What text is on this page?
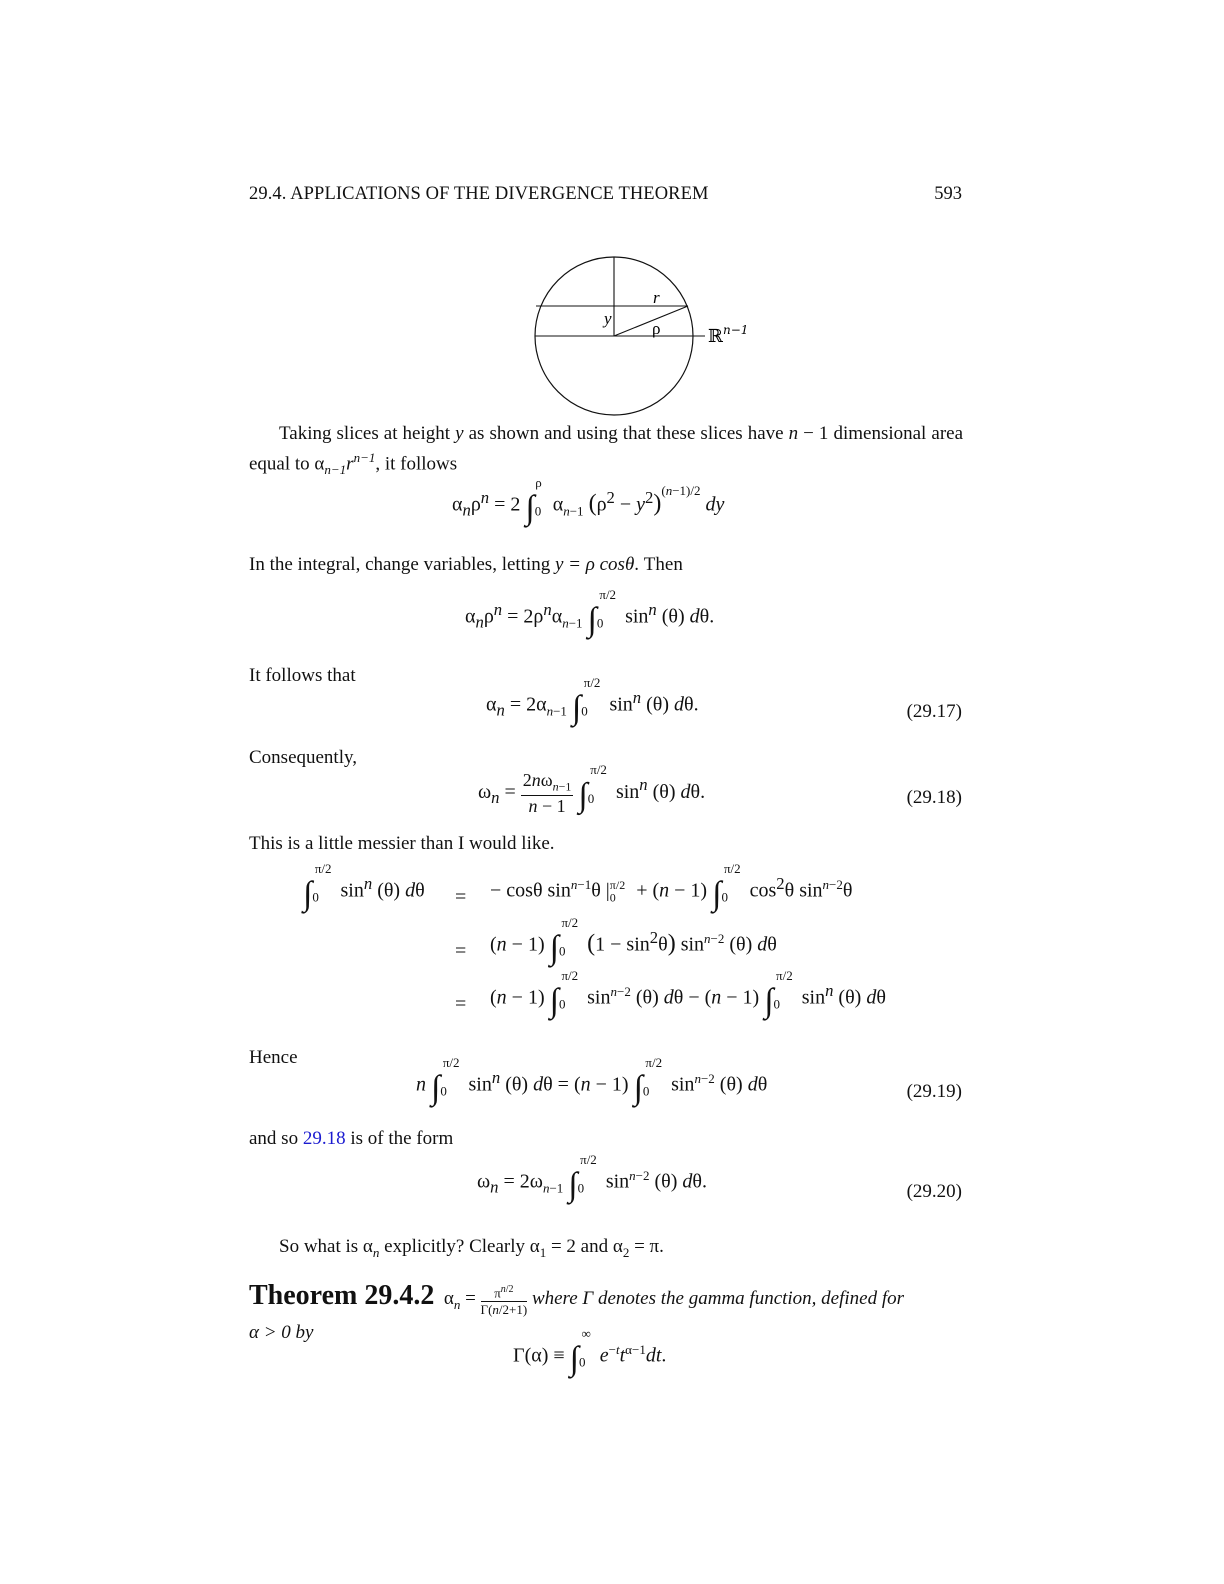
29.4. APPLICATIONS OF THE DIVERGENCE THEOREM	593
r
y
ρ	ℝ$^{n-1}$
Taking slices at height y as shown and using that these slices have n − 1 dimensional area equal to $\alpha_{n-1}r^{n-1}$, it follows
$\alpha_n\rho^n = 2$ $\int_0^\rho$ $\alpha_{n-1}$ $(\rho^2 - y^2)^{(n-1)/2}$ dy
In the integral, change variables, letting y = ρ cosθ. Then
$\alpha_n\rho^n = 2\rho^n\alpha_{n-1}$ $\int_0^{\pi/2}$ $\sin^n (\theta)$ dθ.
It follows that
$\alpha_n = 2\alpha_{n-1}$ $\int_0^{\pi/2}$ $\sin^n (\theta)$ dθ.	(29.17)
Consequently,
$\omega_n$ =
$2n\omega_{n-1}$
n − 1 $\int_0^{\pi/2}$ $\sin^n (\theta)$ dθ.	(29.18)
This is a little messier than I would like.
$\int_0^{\pi/2}$ $\sin^n (\theta) d\theta$ = − cosθ $\sin^{n-1}\theta$ $|_0^{\pi/2} + (n - 1)$ $\int_0^{\pi/2}$ $\cos^2\theta$ $\sin^{n-2}\theta$
= (n − 1) $\int_0^{\pi/2}$ $(1 - \sin^2\theta)$ $\sin^{n-2} (\theta)$ dθ
= (n − 1) $\int_0^{\pi/2}$ $\sin^{n-2} (\theta) d\theta - (n - 1)$ $\int_0^{\pi/2}$ $\sin^n (\theta)$ dθ
Hence
n $\int_0^{\pi/2}$ $\sin^n (\theta) d\theta = (n - 1)$ $\int_0^{\pi/2}$ $\sin^{n-2} (\theta)$ dθ	(29.19)
and so 29.18 is of the form
$\omega_n = 2\omega_{n-1}$ $\int_0^{\pi/2}$ $\sin^{n-2} (\theta)$ dθ.	(29.20)
So what is $\alpha_n$ explicitly? Clearly $\alpha_1 = 2$ and $\alpha_2 = \pi$.
Theorem 29.4.2  $\alpha_n = \frac{\pi^{n/2}}{\Gamma(n/2+1)}$ where Γ denotes the gamma function, defined for
α > 0 by
$\Gamma(\alpha) \equiv \int_0^\infty$ $e^{-t}t^{\alpha-1}dt$.
